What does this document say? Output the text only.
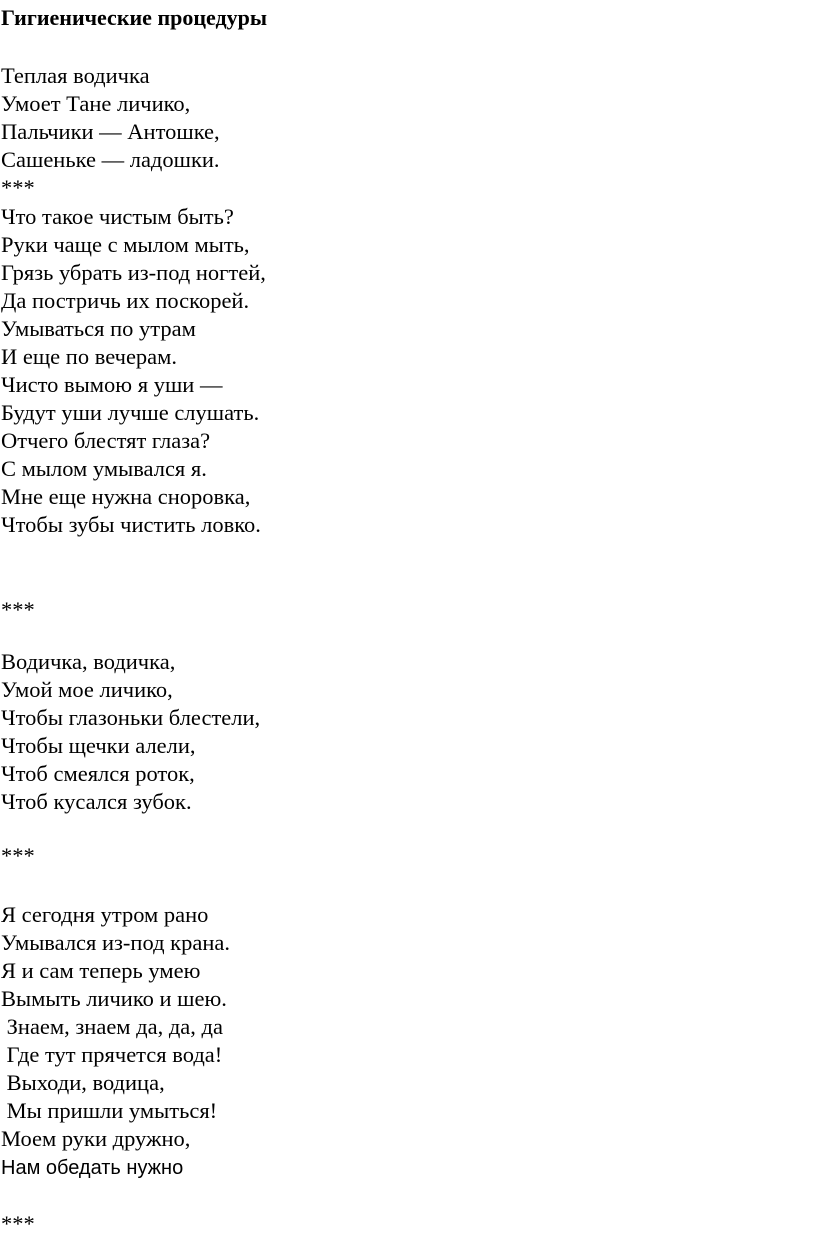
Гигиенические процедуры
Теплая водичка
Умоет Тане личико,
Пальчики — Антошке,
Сашеньке — ладошки.
***
Что такое чистым быть?
Руки чаще с мылом мыть,
Грязь убрать из-под ногтей,
Да постричь их поскорей.
Умываться по утрам
И еще по вечерам.
Чисто вымою я уши —
Будут уши лучше слушать.
Отчего блестят глаза?
С мылом умывался я.
Мне еще нужна сноровка,
Чтобы зубы чистить ловко.
***
Водичка, водичка,
Умой мое личико,
Чтобы глазоньки блестели,
Чтобы щечки алели,
Чтоб смеялся роток,
Чтоб кусался зубок.
***
Я сегодня утром рано
Умывался из-под крана.
Я и сам теперь умею
Вымыть личико и шею.
Знаем, знаем да, да, да
Где тут прячется вода!
Выходи, водица,
Мы пришли умыться!
Моем руки дружно,
Нам обедать нужно
***
